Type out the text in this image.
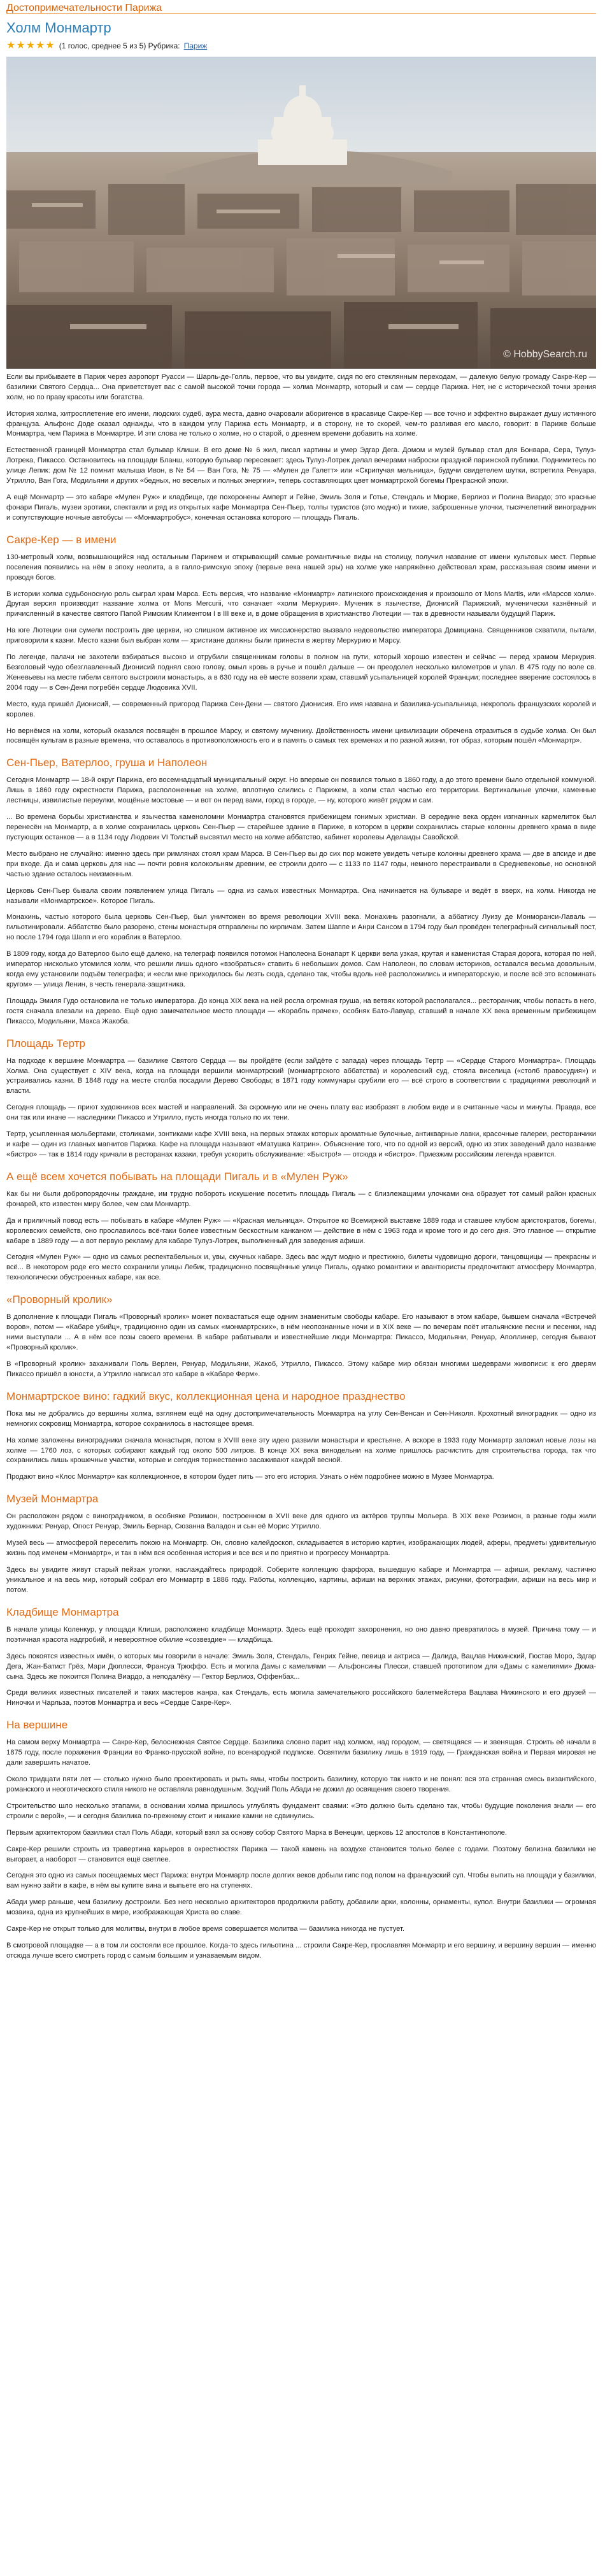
Достопримечательности Парижа
Холм Монмартр
★★★★★ (1 голос, среднее 5 из 5) Рубрика: Париж
© HobbySearch.ru

Если вы прибываете в Париж через аэропорт Руасси — Шарль-де-Голль, первое, что вы увидите, сидя по его стеклянным переходам, — далекую белую громаду Сакре-Кер — базилики Святого Сердца... Она приветствует вас с самой высокой точки города — холма Монмартр, который и сам — сердце Парижа. Нет, не с исторической точки зрения холм, но по праву красоты или богатства.

История холма, хитросплетение его имени, людских судеб, аура места, давно очаровали аборигенов в красавице Сакре-Кер — все точно и эффектно выражает душу истинного француза. Альфонс Доде сказал однажды, что в каждом углу Парижа есть Монмартр, и в сторону, не то скорей, чем-то разливая его масло, говорит: в Париже больше Монмартра, чем Парижа в Монмартре. И эти слова не только о холме, но о старой, о древнем времени добавить на холме.

Естественной границей Монмартра стал бульвар Клиши. В его доме № 6 жил, писал картины и умер Эдгар Дега. Домом и музей бульвар стал для Бонвара, Сера, Тулуз-Лотрека, Пикассо. Остановитесь на площади Бланш, которую бульвар пересекает: здесь Тулуз-Лотрек делал вечерами наброски праздной парижской публики. Поднимитесь по улице Лепик: дом № 12 помнит малыша Ивон, в № 54 — Ван Гога, № 75 — «Мулен де Галетт» или «Скрипучая мельница», будучи свидетелем шутки, встретила Ренуара, Утрилло, Ван Гога, Модильяни и других «бедных, но веселых и полных энергии», теперь составляющих цвет монмартрской богемы Прекрасной эпохи.

А ещё Монмартр — это кабаре «Мулен Руж» и кладбище, где похоронены Амперт и Гейне, Эмиль Золя и Готье, Стендаль и Мюрже, Берлиоз и Полина Виардо; это красные фонари Пигаль, музеи эротики, спектакли и ряд из открытых кафе Монмартра Сен-Пьер, толпы туристов (это модно) и тихие, заброшенные улочки, тысячелетний виноградник и сопутствующие ночные автобусы — «Монмартробус», конечная остановка которого — площадь Пигаль.

Сакре-Кер — в имени

130-метровый холм, возвышающийся над остальным Парижем и открывающий самые романтичные виды на столицу, получил название от имени культовых мест. Первые поселения появились на нём в эпоху неолита, а в галло-римскую эпоху (первые века нашей эры) на холме уже напряжённо действовал храм, рассказывая своим имени и проводя богов.

В истории холма судьбоносную роль сыграл храм Марса. Есть версия, что название «Монмартр» латинского происхождения и произошло от Mons Martis, или «Марсов холм». Другая версия производит название холма от Mons Mercurii, что означает «холм Меркурия». Мученик в язычестве, Дионисий Парижский, мученически казнённый и причисленный в качестве святого Папой Римским Климентом I в III веке и, в доме обращения в христианство Лютеции — так в древности называли будущий Париж.

На юге Лютеции они сумели построить две церкви, но слишком активное их миссионерство вызвало недовольство императора Домициана. Священников схватили, пытали, приговорили к казни. Место казни был выбран холм — христиане должны были принести в жертву Меркурию и Марсу.

По легенде, палачи не захотели взбираться высоко и отрубили священникам головы в полном на пути, который хорошо известен и сейчас — перед храмом Меркурия. Безголовый чудо обезглавленный Дионисий поднял свою голову, омыл кровь в ручье и пошёл дальше — он преодолел несколько километров и упал. В 475 году по воле св. Женевьевы на месте гибели святого выстроили монастырь, а в 630 году на её месте возвели храм, ставший усыпальницей королей Франции; последнее вверение состоялось в 2004 году — в Сен-Дени погребён сердце Людовика XVII.

Место, куда пришёл Дионисий, — современный пригород Парижа Сен-Дени — святого Дионисия. Его имя названа и базилика-усыпальница, некрополь французских королей и королев.

Но вернёмся на холм, который оказался посвящён в прошлое Марсу, и святому мученику. Двойственность имени цивилизации обречена отразиться в судьбе холма. Он был посвящён культам в разные времена, что оставалось в противоположность его и в память о самых тех временах и по разной жизни, тот образ, которым пошёл «Монмартр».

Сен-Пьер, Ватерлоо, груша и Наполеон

Сегодня Монмартр — 18-й округ Парижа, его восемнадцатый муниципальный округ. Но впервые он появился только в 1860 году, а до этого времени было отдельной коммуной. Лишь в 1860 году окрестности Парижа, расположенные на холме, вплотную слились с Парижем, а холм стал частью его территории. Вертикальные улочки, каменные лестницы, извилистые переулки, мощёные мостовые — и вот он перед вами, город в городе, — ну, которого живёт рядом и сам.

... Во времена борьбы христианства и язычества каменоломни Монмартра становятся прибежищем гонимых христиан. В середине века орден изгнанных кармелиток был перенесён на Монмартр, а в холме сохранилась церковь Сен-Пьер — старейшее здание в Париже, в котором в церкви сохранились старые колонны древнего храма в виде пустующих останков — а в 1134 году Людовик VI Толстый высвятил место на холме аббатство, кабинет королевы Аделаиды Савойской.

Место выбрано не случайно: именно здесь при римлянах стоял храм Марса. В Сен-Пьер вы до сих пор можете увидеть четыре колонны древнего храма — две в апсиде и две при входе. Да и сама церковь для нас — почти ровня колокольням древним, ее строили долго — с 1133 по 1147 годы, немного перестраивали в Средневековье, но основной частью здание осталось неизменным.

Церковь Сен-Пьер бывала своим появлением улица Пигаль — одна из самых известных Монмартра. Она начинается на бульваре и ведёт в вверх, на холм. Никогда не называли «Монмартрское». Которое Пигаль.

Монахинь, частью которого была церковь Сен-Пьер, был уничтожен во время революции XVIII века. Монахинь разогнали, а аббатису Луизу де Монморанси-Лаваль — гильотинировали. Аббатство было разорено, стены монастыря отправлены по кирпичам. Затем Шаппе и Анри Сансом в 1794 году был провёден телеграфный сигнальный пост, но после 1794 года Шапп и его кораблик в Ватерлоо.

В 1809 году, когда до Ватерлоо было ещё далеко, на телеграф появился потомок Наполеона Бонапарт К церкви вела узкая, крутая и каменистая Старая дорога, которая по ней, император нисколько утомился холм, что решили лишь одного «взобраться» ставить 6 небольших домов. Сам Наполеон, по словам историков, оставался весьма довольным, когда ему установили подъём телеграфа; и «если мне приходилось бы лезть сюда, сделано так, чтобы вдоль неё расположились и императорскую, и после всё это вспоминать кругом» — улица Ленин, в честь генерала-защитника.

Площадь Эмиля Гудо остановила не только императора. До конца XIX века на ней росла огромная груша, на ветвях которой располагался... ресторанчик, чтобы попасть в него, гостя сначала влезали на дерево. Ещё одно замечательное место площади — «Корабль прачек», особняк Бато-Лавуар, ставший в начале ХХ века временным прибежищем Пикассо, Модильяни, Макса Жакоба.

Площадь Тертр

На подходе к вершине Монмартра — базилике Святого Сердца — вы пройдёте (если зайдёте с запада) через площадь Тертр — «Сердце Старого Монмартра». Площадь Холма. Она существует с XIV века, когда на площади вершили монмартрский (монмартрского аббатства) и королевский суд, стояла виселица («столб правосудия») и устраивались казни. В 1848 году на месте столба посадили Дерево Свободы; в 1871 году коммунары срубили его — всё строго в соответствии с традициями революций и власти.

Сегодня площадь — приют художников всех мастей и направлений. За скромную или не очень плату вас изобразят в любом виде и в считанные часы и минуты. Правда, все они так или иначе — наследники Пикассо и Утрилло, пусть иногда только по их тени.

Тертр, усыпленная мольбертами, столиками, зонтиками кафе XVIII века, на первых этажах которых ароматные булочные, антикварные лавки, красочные галереи, ресторанчики и кафе — один из главных магнитов Парижа. Кафе на площади называют «Матушка Катрин». Объяснение того, что по одной из версий, одно из этих заведений дало название «бистро» — так в 1814 году кричали в ресторанах казаки, требуя ускорить обслуживание: «Быстро!» — отсюда и «бистро». Приезжим российским легенда нравится.

А ещё всем хочется побывать на площади Пигаль и в «Мулен Руж»

Как бы ни были добропорядочны граждане, им трудно побороть искушение посетить площадь Пигаль — с близлежащими улочками она образует тот самый район красных фонарей, кто известен миру более, чем сам Монмартр.

Да и приличный повод есть — побывать в кабаре «Мулен Руж» — «Красная мельница». Открытое ко Всемирной выставке 1889 года и ставшее клубом аристократов, богемы, королевских семейств, оно прославилось всё-таки более известным бескостным канканом — действие в нём с 1963 года и кроме того и до сего дня. Это главное — открытие кабаре в 1889 году — а вот первую рекламу для кабаре Тулуз-Лотрек, выполненный для заведения афиши.

Сегодня «Мулен Руж» — одно из самых респектабельных и, увы, скучных кабаре. Здесь вас ждут модно и престижно, билеты чудовищно дороги, танцовщицы — прекрасны и всё... В некотором роде его место сохранили улицы Лебик, традиционно посвящённые улице Пигаль, однако романтики и авантюристы предпочитают атмосферу Монмартра, технологически обустроенных кабаре, как все.

«Проворный кролик»

В дополнение к площади Пигаль «Проворный кролик» может похвастаться еще одним знаменитым свободы кабаре. Его называют в этом кабаре, бывшем сначала «Встречей воров», потом — «Кабаре убийц», традиционно один из самых «монмартрских», в нём неопознанные ночи и в XIX веке — по вечерам поёт итальянские песни и песенки, над ними выступали ... А в нём все позы своего времени. В кабаре рабатывали и известнейшие люди Монмартра: Пикассо, Модильяни, Ренуар, Аполлинер, сегодня бывают «Проворный кролик».

В «Проворный кролик» захаживали Поль Верлен, Ренуар, Модильяни, Жакоб, Утрилло, Пикассо. Этому кабаре мир обязан многими шедеврами живописи: к его дверям Пикассо пришёл в юности, а Утрилло написал это кабаре в «Кабаре Ферм».

Монмартрское вино: гадкий вкус, коллекционная цена и народное празднество

Пока мы не добрались до вершины холма, взглянем ещё на одну достопримечательность Монмартра на углу Сен-Венсан и Сен-Николя. Крохотный виноградник — одно из немногих сокровищ Монмартра, которое сохранилось в настоящее время.

На холме заложены виноградники сначала монастыря, потом в XVIII веке эту идею развили монастыри и крестьяне. А вскоре в 1933 году Монмартр заложил новые лозы на холме — 1760 лоз, с которых собирают каждый год около 500 литров. В конце XX века винодельни на холме пришлось расчистить для строительства города, так что сохранились лишь крошечные участки, которые и сегодня торжественно засаживают каждой весной.

Продают вино «Клос Монмартр» как коллекционное, в котором будет пить — это его история. Узнать о нём подробнее можно в Музее Монмартра.

Музей Монмартра

Он расположен рядом с виноградником, в особняке Розимон, построенном в XVII веке для одного из актёров труппы Мольера. В XIX веке Розимон, в разные годы жили художники: Ренуар, Огюст Ренуар, Эмиль Бернар, Сюзанна Валадон и сын её Морис Утрилло.

Музей весь — атмосферой переселить покою на Монмартр. Он, словно калейдоскоп, складывается в историю картин, изображающих людей, аферы, предметы удивительную жизнь под именем «Монмартр», и так в нём вся особенная история и все вся и по приятно и прогрессу Монмартра.

Здесь вы увидите живут старый пейзаж уголки, наслаждайтесь природой. Соберите коллекцию фарфора, вышедшую кабаре и Монмартра — афиши, рекламу, частично уникальное и на весь мир, который собрал его Монмартр в 1886 году. Работы, коллекцию, картины, афиши на верхних этажах, рисунки, фотографии, афиши на весь мир и потом.

Кладбище Монмартра

В начале улицы Коленкур, у площади Клиши, расположено кладбище Монмартр. Здесь ещё проходят захоронения, но оно давно превратилось в музей. Причина тому — и поэтичная красота надгробий, и невероятное обилие «созвездие» — кладбища.

Здесь покоятся известных имён, о которых мы говорили в начале: Эмиль Золя, Стендаль, Генрих Гейне, певица и актриса — Далида, Вацлав Нижинский, Гюстав Моро, Эдгар Дега, Жан-Батист Грёз, Мари Дюплесси, Франсуа Трюффо. Есть и могила Дамы с камелиями — Альфонсины Плесси, ставшей прототипом для «Дамы с камелиями» Дюма-сына. Здесь же покоится Полина Виардо, а неподалёку — Гектор Берлиоз, Оффенбах...

Среди великих известных писателей и таких мастеров жанра, как Стендаль, есть могила замечательного российского балетмейстера Вацлава Нижинского и его друзей — Ниночки и Чарльза, поэтов Монмартра и весь «Сердце Сакре-Кер».

На вершине

На самом верху Монмартра — Сакре-Кер, белоснежная Святое Сердце. Базилика словно парит над холмом, над городом, — светящаяся — и звенящая. Строить её начали в 1875 году, после поражения Франции во Франко-прусской войне, по всенародной подписке. Освятили базилику лишь в 1919 году, — Гражданская война и Первая мировая не дали завершить начатое.

Около тридцати пяти лет — столько нужно было проектировать и рыть ямы, чтобы построить базилику, которую так никто и не понял: вся эта странная смесь византийского, романского и неоготического стиля никого не оставляла равнодушным. Зодчий Поль Абади не дожил до освящения своего творения.

Строительство шло несколько этапами, в основании холма пришлось углублять фундамент сваями: «Это должно быть сделано так, чтобы будущие поколения знали — его строили с верой», — и сегодня базилика по-прежнему стоит и никакие камни не сдвинулись.

Первым архитектором базилики стал Поль Абади, который взял за основу собор Святого Марка в Венеции, церковь 12 апостолов в Константинополе.

Сакре-Кер решили строить из травертина карьеров в окрестностях Парижа — такой камень на воздухе становится только белее с годами. Поэтому белизна базилики не выгорает, а наоборот — становится ещё светлее.

Сегодня это одно из самых посещаемых мест Парижа: внутри Монмартр после долгих веков добыли гипс под полом на французский суп. Чтобы выпить на площади у базилики, вам нужно зайти в кафе, в нём вы купите вина и выпьете его на ступенях.

Абади умер раньше, чем базилику достроили. Без него несколько архитекторов продолжили работу, добавили арки, колонны, орнаменты, купол. Внутри базилики — огромная мозаика, одна из крупнейших в мире, изображающая Христа во славе.

Сакре-Кер не открыт только для молитвы, внутри в любое время совершается молитва — базилика никогда не пустует.

В смотровой площадке — а в том ли состояли все прошлое. Когда-то здесь гильотина ... строили Сакре-Кер, прославляя Монмартр и его вершину, и вершину вершин — именно отсюда лучше всего смотреть город с самым большим и узнаваемым видом.
